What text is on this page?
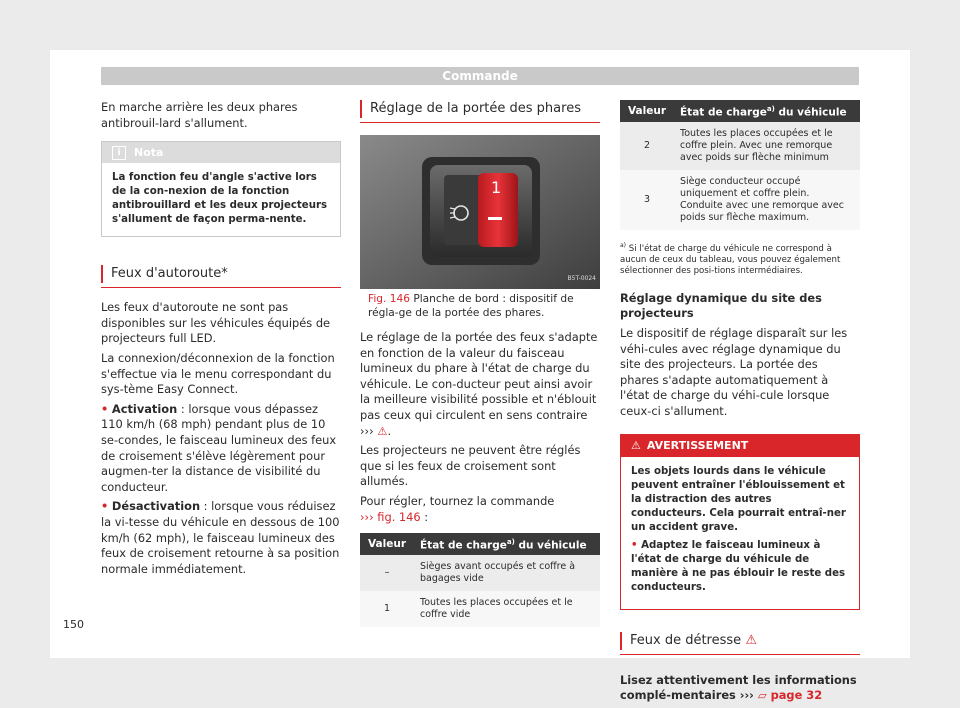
Commande

En marche arrière les deux phares antibrouil-lard s'allument.

i	Nota
La fonction feu d'angle s'active lors de la con-nexion de la fonction antibrouillard et les deux projecteurs s'allument de façon perma-nente.
Feux d'autoroute*

Les feux d'autoroute ne sont pas disponibles sur les véhicules équipés de projecteurs full LED.

La connexion/déconnexion de la fonction s'effectue via le menu correspondant du sys-tème Easy Connect.

• Activation : lorsque vous dépassez 110 km/h (68 mph) pendant plus de 10 se-condes, le faisceau lumineux des feux de croisement s'élève légèrement pour augmen-ter la distance de visibilité du conducteur.

• Désactivation : lorsque vous réduisez la vi-tesse du véhicule en dessous de 100 km/h (62 mph), le faisceau lumineux des feux de croisement retourne à sa position normale immédiatement.

Réglage de la portée des phares
1
B5T-0024
Fig. 146 Planche de bord : dispositif de régla-ge de la portée des phares.

Le réglage de la portée des feux s'adapte en fonction de la valeur du faisceau lumineux du phare à l'état de charge du véhicule. Le con-ducteur peut ainsi avoir la meilleure visibilité possible et n'éblouit pas ceux qui circulent en sens contraire ››› ⚠.

Les projecteurs ne peuvent être réglés que si les feux de croisement sont allumés.

Pour régler, tournez la commande
››› fig. 146 :

Valeur	État de charge$^{a)}$ du véhicule
–	Sièges avant occupés et coffre à bagages vide
1	Toutes les places occupées et le coffre vide
Valeur	État de charge$^{a)}$ du véhicule
2	Toutes les places occupées et le coffre plein. Avec une remorque avec poids sur flèche minimum
3	Siège conducteur occupé uniquement et coffre plein. Conduite avec une remorque avec poids sur flèche maximum.
$^{a)}$ Si l'état de charge du véhicule ne correspond à aucun de ceux du tableau, vous pouvez également sélectionner des posi-tions intermédiaires.

Réglage dynamique du site des projecteurs

Le dispositif de réglage disparaît sur les véhi-cules avec réglage dynamique du site des projecteurs. La portée des phares s'adapte automatiquement à l'état de charge du véhi-cule lorsque ceux-ci s'allument.

⚠ AVERTISSEMENT

Les objets lourds dans le véhicule peuvent entraîner l'éblouissement et la distraction des autres conducteurs. Cela pourrait entraî-ner un accident grave.

• Adaptez le faisceau lumineux à l'état de charge du véhicule de manière à ne pas éblouir le reste des conducteurs.

Feux de détresse ⚠

Lisez attentivement les informations complé-mentaires ››› ▱ page 32

150
